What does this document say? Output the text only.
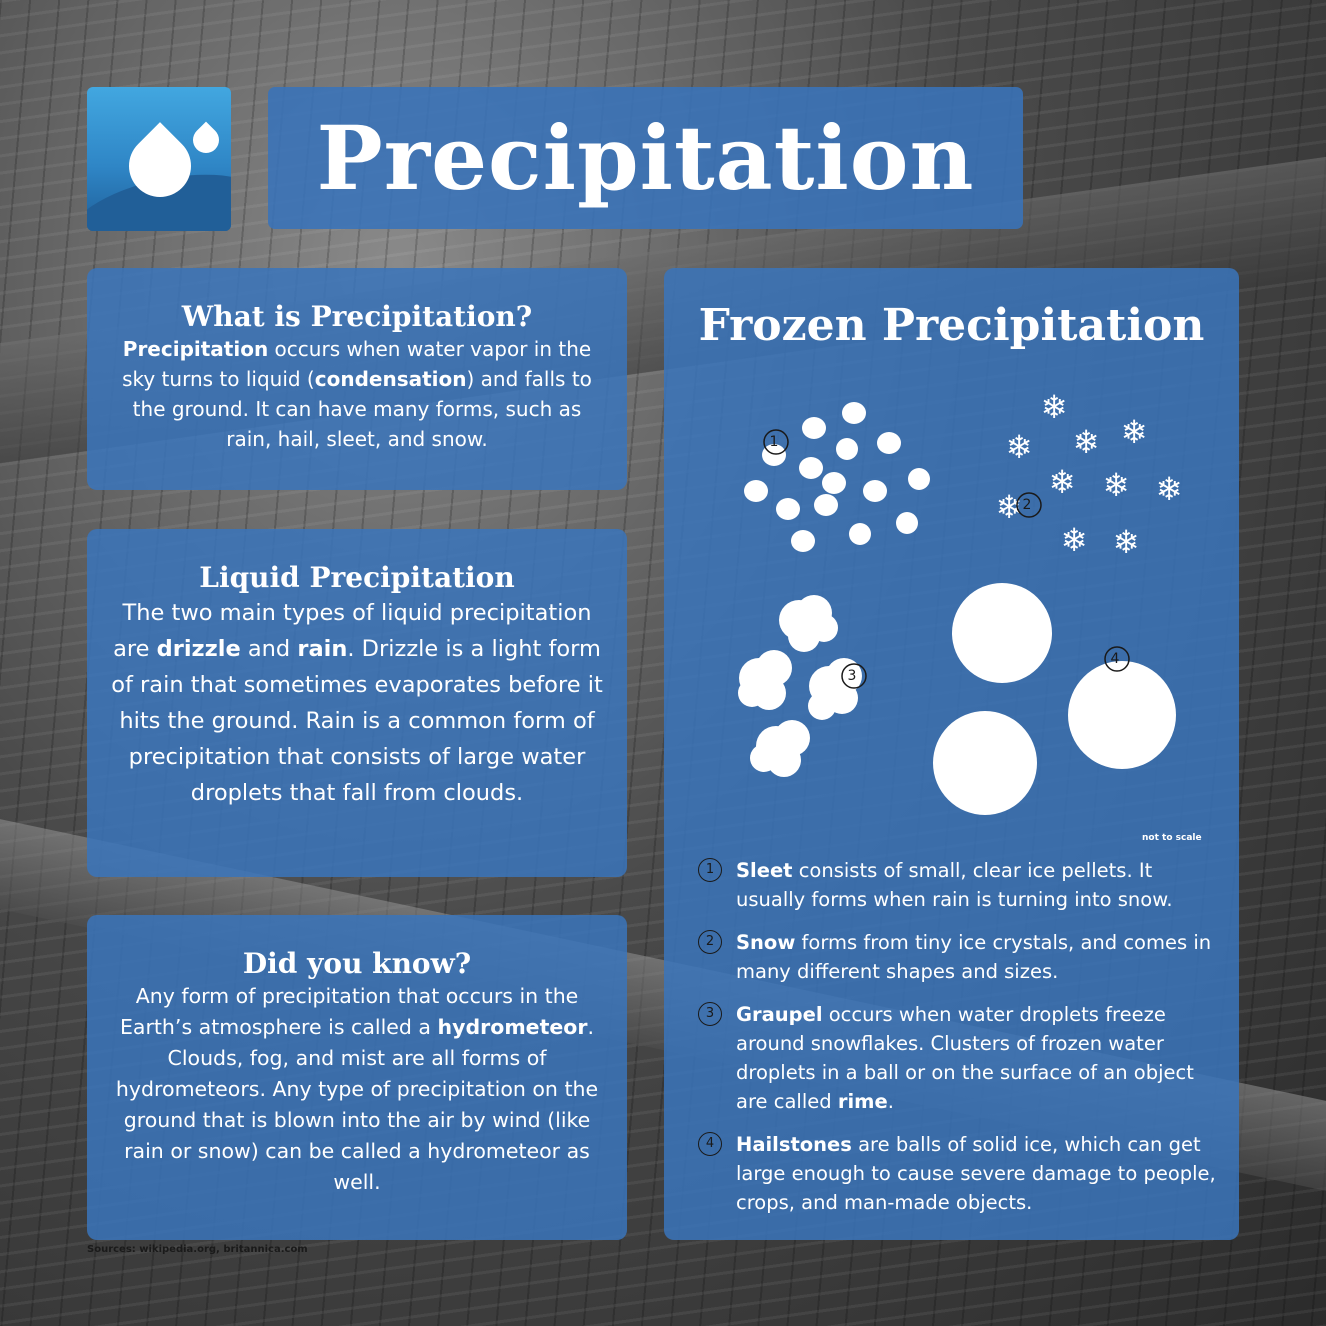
Precipitation
What is Precipitation?

Precipitation occurs when water vapor in the sky turns to liquid (condensation) and falls to the ground. It can have many forms, such as rain, hail, sleet, and snow.

Liquid Precipitation

The two main types of liquid precipitation are drizzle and rain. Drizzle is a light form of rain that sometimes evaporates before it hits the ground. Rain is a common form of precipitation that consists of large water droplets that fall from clouds.

Did you know?

Any form of precipitation that occurs in the Earth’s atmosphere is called a hydrometeor. Clouds, fog, and mist are all forms of hydrometeors. Any type of precipitation on the ground that is blown into the air by wind (like rain or snow) can be called a hydrometeor as well.

Frozen Precipitation
❄
❄
❄ ❄
❄ ❄ ❄
❄
❄ ❄
1
2
3
4
not to scale
1	Sleet consists of small, clear ice pellets. It usually forms when rain is turning into snow.

2	Snow forms from tiny ice crystals, and comes in many different shapes and sizes.

3	Graupel occurs when water droplets freeze around snowflakes. Clusters of frozen water droplets in a ball or on the surface of an object are called rime.

4	Hailstones are balls of solid ice, which can get large enough to cause severe damage to people, crops, and man-made objects.

Sources: wikipedia.org, britannica.com
